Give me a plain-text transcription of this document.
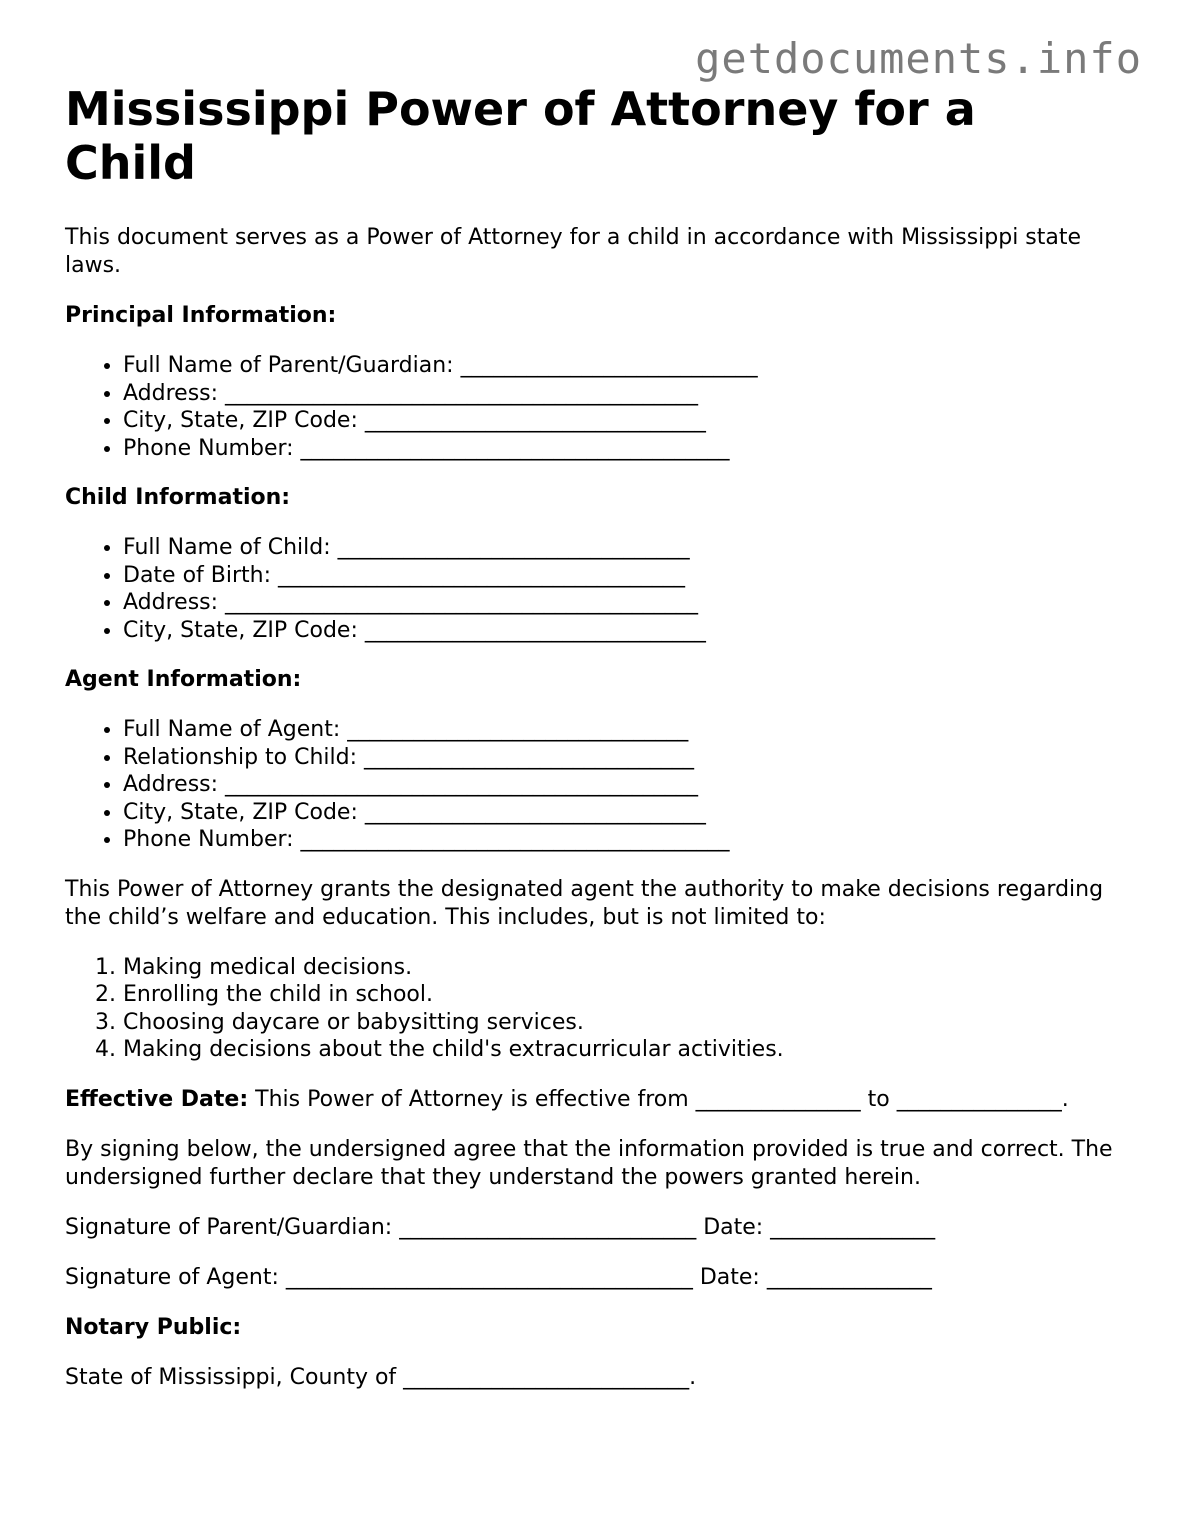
getdocuments.info
Mississippi Power of Attorney for a Child

This document serves as a Power of Attorney for a child in accordance with Mississippi state laws.

Principal Information:
• Full Name of Parent/Guardian: ___________________________
• Address: ___________________________________________
• City, State, ZIP Code: _______________________________
• Phone Number: _______________________________________
Child Information:
• Full Name of Child: ________________________________
• Date of Birth: _____________________________________
• Address: ___________________________________________
• City, State, ZIP Code: _______________________________
Agent Information:
• Full Name of Agent: _______________________________
• Relationship to Child: ______________________________
• Address: ___________________________________________
• City, State, ZIP Code: _______________________________
• Phone Number: _______________________________________

This Power of Attorney grants the designated agent the authority to make decisions regarding the child’s welfare and education. This includes, but is not limited to:

1. Making medical decisions.
2. Enrolling the child in school.
3. Choosing daycare or babysitting services.
4. Making decisions about the child's extracurricular activities.

Effective Date: This Power of Attorney is effective from _______________ to _______________.

By signing below, the undersigned agree that the information provided is true and correct. The undersigned further declare that they understand the powers granted herein.

Signature of Parent/Guardian: ___________________________ Date: _______________
Signature of Agent: _____________________________________ Date: _______________
Notary Public:

State of Mississippi, County of __________________________.
